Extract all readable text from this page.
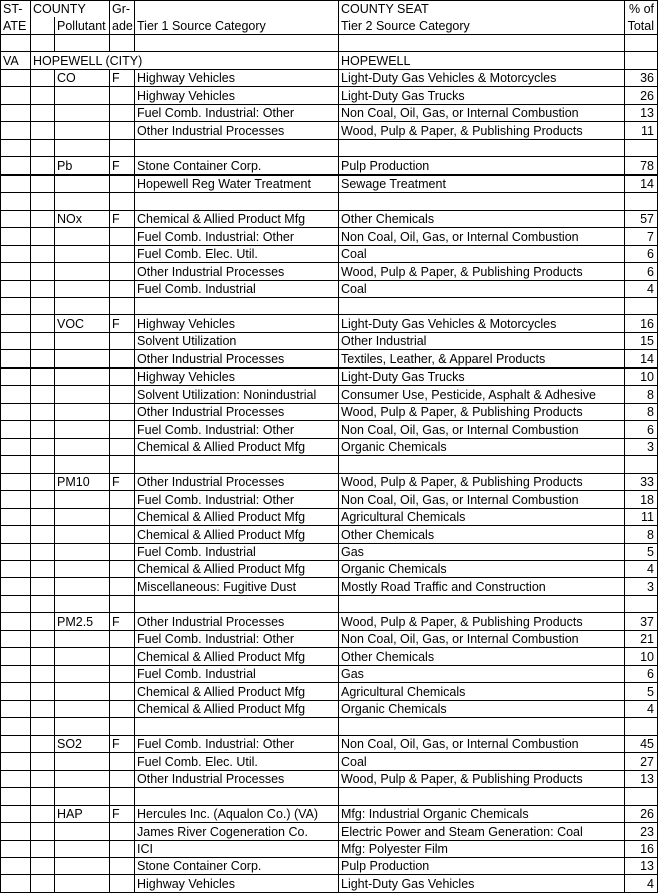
ST-	COUNTY		Gr-		COUNTY SEAT	% of
ATE		Pollutant	ade	Tier 1 Source Category	Tier 2 Source Category	Total

VA	HOPEWELL (CITY)				HOPEWELL	
		CO	F	Highway Vehicles	Light-Duty Gas Vehicles & Motorcycles	36
				Highway Vehicles	Light-Duty Gas Trucks	26
				Fuel Comb. Industrial: Other	Non Coal, Oil, Gas, or Internal Combustion	13
				Other Industrial Processes	Wood, Pulp & Paper, & Publishing Products	11

		Pb	F	Stone Container Corp.	Pulp Production	78
				Hopewell Reg Water Treatment	Sewage Treatment	14

		NOx	F	Chemical & Allied Product Mfg	Other Chemicals	57
				Fuel Comb. Industrial: Other	Non Coal, Oil, Gas, or Internal Combustion	7
				Fuel Comb. Elec. Util.	Coal	6
				Other Industrial Processes	Wood, Pulp & Paper, & Publishing Products	6
				Fuel Comb. Industrial	Coal	4

		VOC	F	Highway Vehicles	Light-Duty Gas Vehicles & Motorcycles	16
				Solvent Utilization	Other Industrial	15
				Other Industrial Processes	Textiles, Leather, & Apparel Products	14
				Highway Vehicles	Light-Duty Gas Trucks	10
				Solvent Utilization: Nonindustrial	Consumer Use, Pesticide, Asphalt & Adhesive	8
				Other Industrial Processes	Wood, Pulp & Paper, & Publishing Products	8
				Fuel Comb. Industrial: Other	Non Coal, Oil, Gas, or Internal Combustion	6
				Chemical & Allied Product Mfg	Organic Chemicals	3

		PM10	F	Other Industrial Processes	Wood, Pulp & Paper, & Publishing Products	33
				Fuel Comb. Industrial: Other	Non Coal, Oil, Gas, or Internal Combustion	18
				Chemical & Allied Product Mfg	Agricultural Chemicals	11
				Chemical & Allied Product Mfg	Other Chemicals	8
				Fuel Comb. Industrial	Gas	5
				Chemical & Allied Product Mfg	Organic Chemicals	4
				Miscellaneous: Fugitive Dust	Mostly Road Traffic and Construction	3

		PM2.5	F	Other Industrial Processes	Wood, Pulp & Paper, & Publishing Products	37
				Fuel Comb. Industrial: Other	Non Coal, Oil, Gas, or Internal Combustion	21
				Chemical & Allied Product Mfg	Other Chemicals	10
				Fuel Comb. Industrial	Gas	6
				Chemical & Allied Product Mfg	Agricultural Chemicals	5
				Chemical & Allied Product Mfg	Organic Chemicals	4

		SO2	F	Fuel Comb. Industrial: Other	Non Coal, Oil, Gas, or Internal Combustion	45
				Fuel Comb. Elec. Util.	Coal	27
				Other Industrial Processes	Wood, Pulp & Paper, & Publishing Products	13

		HAP	F	Hercules Inc. (Aqualon Co.) (VA)	Mfg: Industrial Organic Chemicals	26
				James River Cogeneration Co.	Electric Power and Steam Generation: Coal	23
				ICI	Mfg: Polyester Film	16
				Stone Container Corp.	Pulp Production	13
				Highway Vehicles	Light-Duty Gas Vehicles	4
